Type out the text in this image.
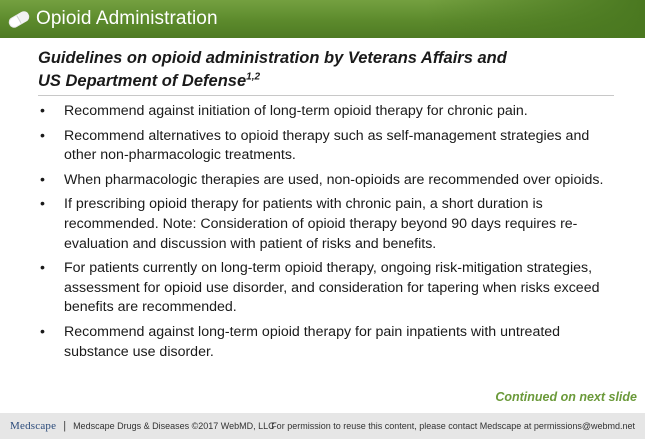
Opioid Administration
Guidelines on opioid administration by Veterans Affairs and
US Department of Defense$^{1,2}$
• Recommend against initiation of long-term opioid therapy for chronic pain.
• Recommend alternatives to opioid therapy such as self-management strategies and other non-pharmacologic treatments.
• When pharmacologic therapies are used, non-opioids are recommended over opioids.
• If prescribing opioid therapy for patients with chronic pain, a short duration is recommended. Note: Consideration of opioid therapy beyond 90 days requires re-evaluation and discussion with patient of risks and benefits.
• For patients currently on long-term opioid therapy, ongoing risk-mitigation strategies, assessment for opioid use disorder, and consideration for tapering when risks exceed benefits are recommended.
• Recommend against long-term opioid therapy for pain inpatients with untreated substance use disorder.
Continued on next slide
Medscape | Medscape Drugs & Diseases ©2017 WebMD, LLC
For permission to reuse this content, please contact Medscape at permissions@webmd.net
